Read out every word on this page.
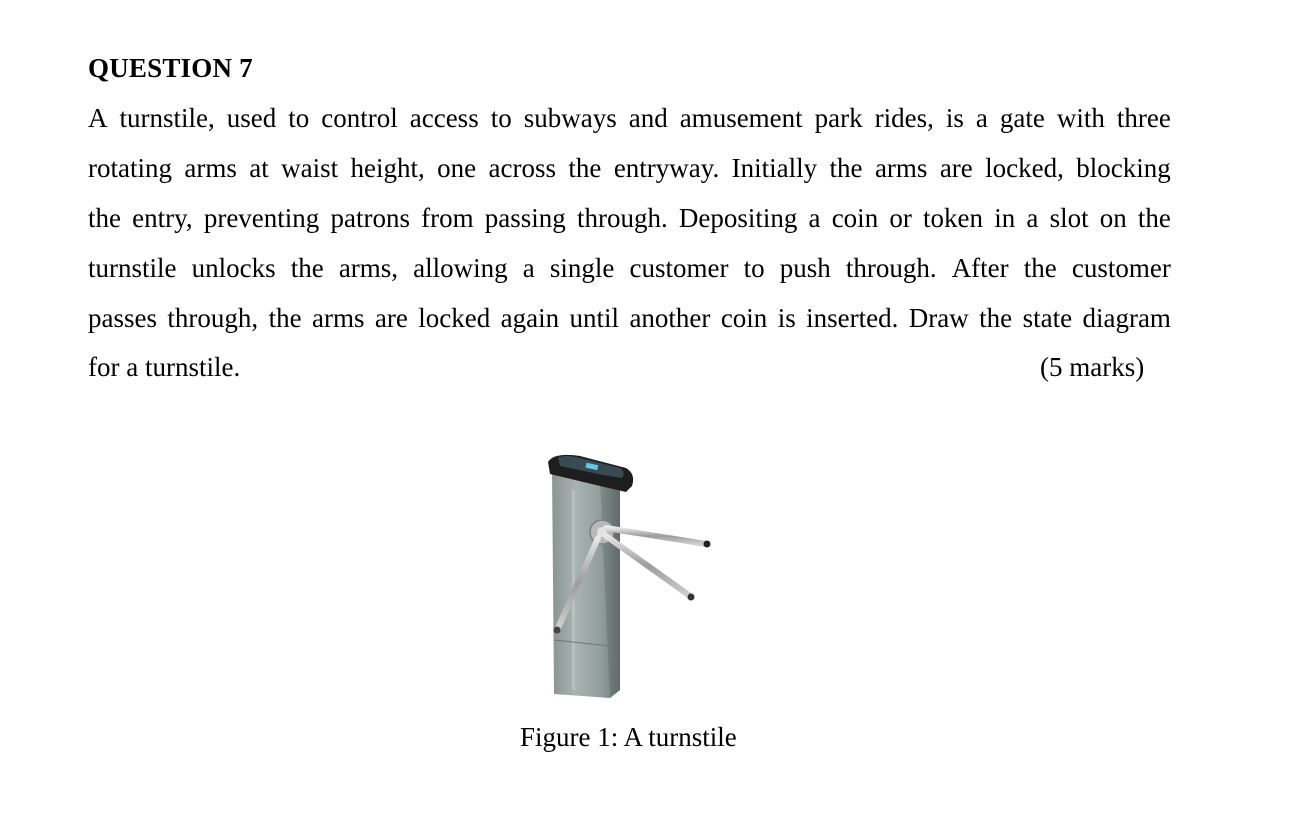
QUESTION 7
A turnstile, used to control access to subways and amusement park rides, is a gate with three
rotating arms at waist height, one across the entryway. Initially the arms are locked, blocking
the entry, preventing patrons from passing through. Depositing a coin or token in a slot on the
turnstile unlocks the arms, allowing a single customer to push through. After the customer
passes through, the arms are locked again until another coin is inserted. Draw the state diagram
for a turnstile.	(5 marks)
Figure 1: A turnstile
